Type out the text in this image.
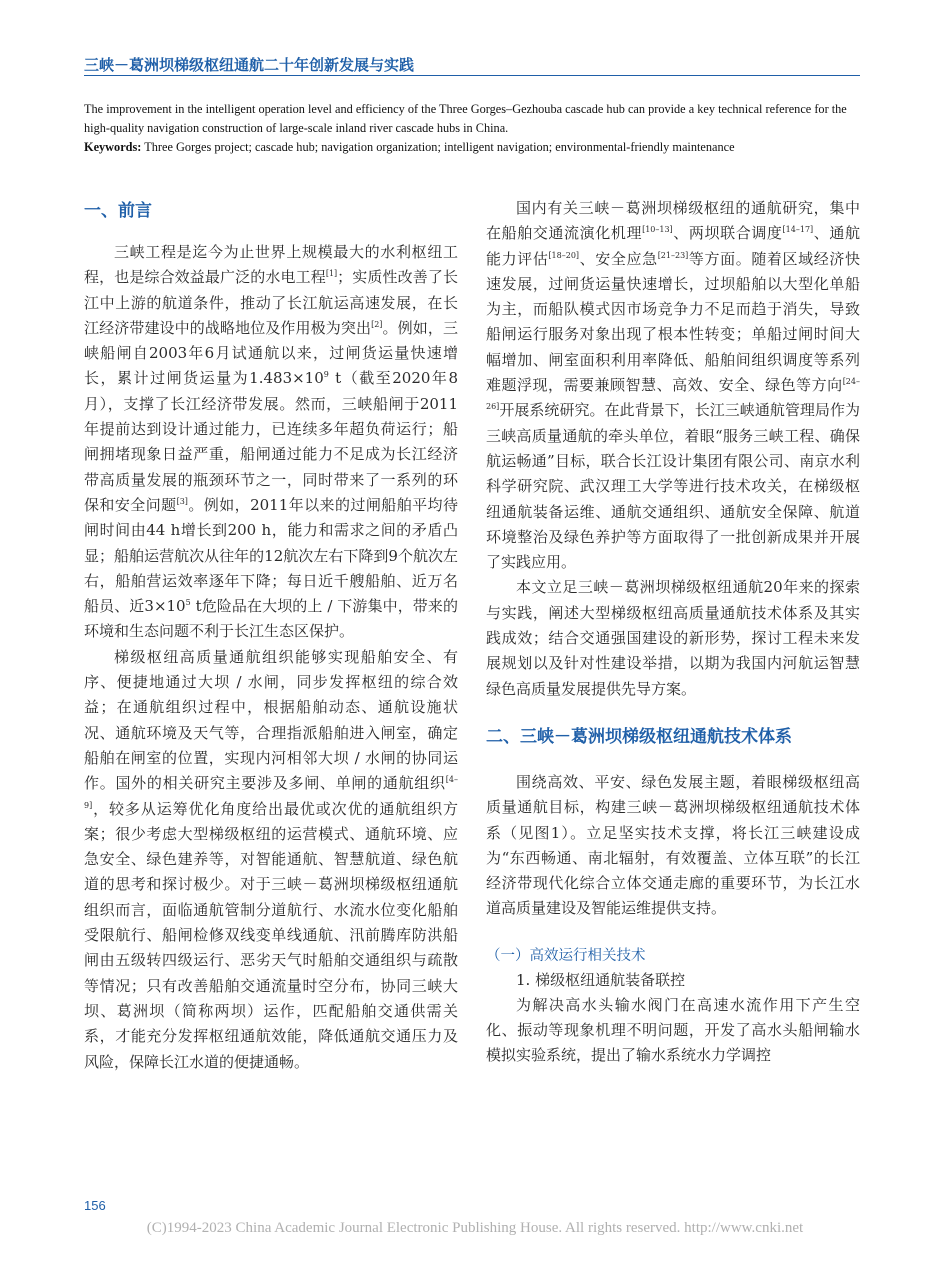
三峡－葛洲坝梯级枢纽通航二十年创新发展与实践

The improvement in the intelligent operation level and efficiency of the Three Gorges–Gezhouba cascade hub can provide a key technical reference for the high-quality navigation construction of large-scale inland river cascade hubs in China.

Keywords: Three Gorges project; cascade hub; navigation organization; intelligent navigation; environmental-friendly maintenance

一、前言

三峡工程是迄今为止世界上规模最大的水利枢纽工程，也是综合效益最广泛的水电工程[1]；实质性改善了长江中上游的航道条件，推动了长江航运高速发展，在长江经济带建设中的战略地位及作用极为突出[2]。例如，三峡船闸自2003年6月试通航以来，过闸货运量快速增长，累计过闸货运量为$1.483\times 10^9$ t（截至2020年8月），支撑了长江经济带发展。然而，三峡船闸于2011年提前达到设计通过能力，已连续多年超负荷运行；船闸拥堵现象日益严重，船闸通过能力不足成为长江经济带高质量发展的瓶颈环节之一，同时带来了一系列的环保和安全问题[3]。例如，2011年以来的过闸船舶平均待闸时间由44 h增长到200 h，能力和需求之间的矛盾凸显；船舶运营航次从往年的12航次左右下降到9个航次左右，船舶营运效率逐年下降；每日近千艘船舶、近万名船员、近$3\times 10^5$ t危险品在大坝的上 / 下游集中，带来的环境和生态问题不利于长江生态区保护。

梯级枢纽高质量通航组织能够实现船舶安全、有序、便捷地通过大坝 / 水闸，同步发挥枢纽的综合效益；在通航组织过程中，根据船舶动态、通航设施状况、通航环境及天气等，合理指派船舶进入闸室，确定船舶在闸室的位置，实现内河相邻大坝 / 水闸的协同运作。国外的相关研究主要涉及多闸、单闸的通航组织[4–9]，较多从运筹优化角度给出最优或次优的通航组织方案；很少考虑大型梯级枢纽的运营模式、通航环境、应急安全、绿色建养等，对智能通航、智慧航道、绿色航道的思考和探讨极少。对于三峡－葛洲坝梯级枢纽通航组织而言，面临通航管制分道航行、水流水位变化船舶受限航行、船闸检修双线变单线通航、汛前腾库防洪船闸由五级转四级运行、恶劣天气时船舶交通组织与疏散等情况；只有改善船舶交通流量时空分布，协同三峡大坝、葛洲坝（简称两坝）运作，匹配船舶交通供需关系，才能充分发挥枢纽通航效能，降低通航交通压力及风险，保障长江水道的便捷通畅。

国内有关三峡－葛洲坝梯级枢纽的通航研究，集中在船舶交通流演化机理[10–13]、两坝联合调度[14–17]、通航能力评估[18–20]、安全应急[21–23]等方面。随着区域经济快速发展，过闸货运量快速增长，过坝船舶以大型化单船为主，而船队模式因市场竞争力不足而趋于消失，导致船闸运行服务对象出现了根本性转变；单船过闸时间大幅增加、闸室面积利用率降低、船舶间组织调度等系列难题浮现，需要兼顾智慧、高效、安全、绿色等方向[24–26]开展系统研究。在此背景下，长江三峡通航管理局作为三峡高质量通航的牵头单位，着眼“服务三峡工程、确保航运畅通”目标，联合长江设计集团有限公司、南京水利科学研究院、武汉理工大学等进行技术攻关，在梯级枢纽通航装备运维、通航交通组织、通航安全保障、航道环境整治及绿色养护等方面取得了一批创新成果并开展了实践应用。

本文立足三峡－葛洲坝梯级枢纽通航20年来的探索与实践，阐述大型梯级枢纽高质量通航技术体系及其实践成效；结合交通强国建设的新形势，探讨工程未来发展规划以及针对性建设举措，以期为我国内河航运智慧绿色高质量发展提供先导方案。

二、三峡－葛洲坝梯级枢纽通航技术体系

围绕高效、平安、绿色发展主题，着眼梯级枢纽高质量通航目标，构建三峡－葛洲坝梯级枢纽通航技术体系（见图1）。立足坚实技术支撑，将长江三峡建设成为“东西畅通、南北辐射，有效覆盖、立体互联”的长江经济带现代化综合立体交通走廊的重要环节，为长江水道高质量建设及智能运维提供支持。

（一）高效运行相关技术
1. 梯级枢纽通航装备联控

为解决高水头输水阀门在高速水流作用下产生空化、振动等现象机理不明问题，开发了高水头船闸输水模拟实验系统，提出了输水系统水力学调控

156
(C)1994-2023 China Academic Journal Electronic Publishing House. All rights reserved. http://www.cnki.net
